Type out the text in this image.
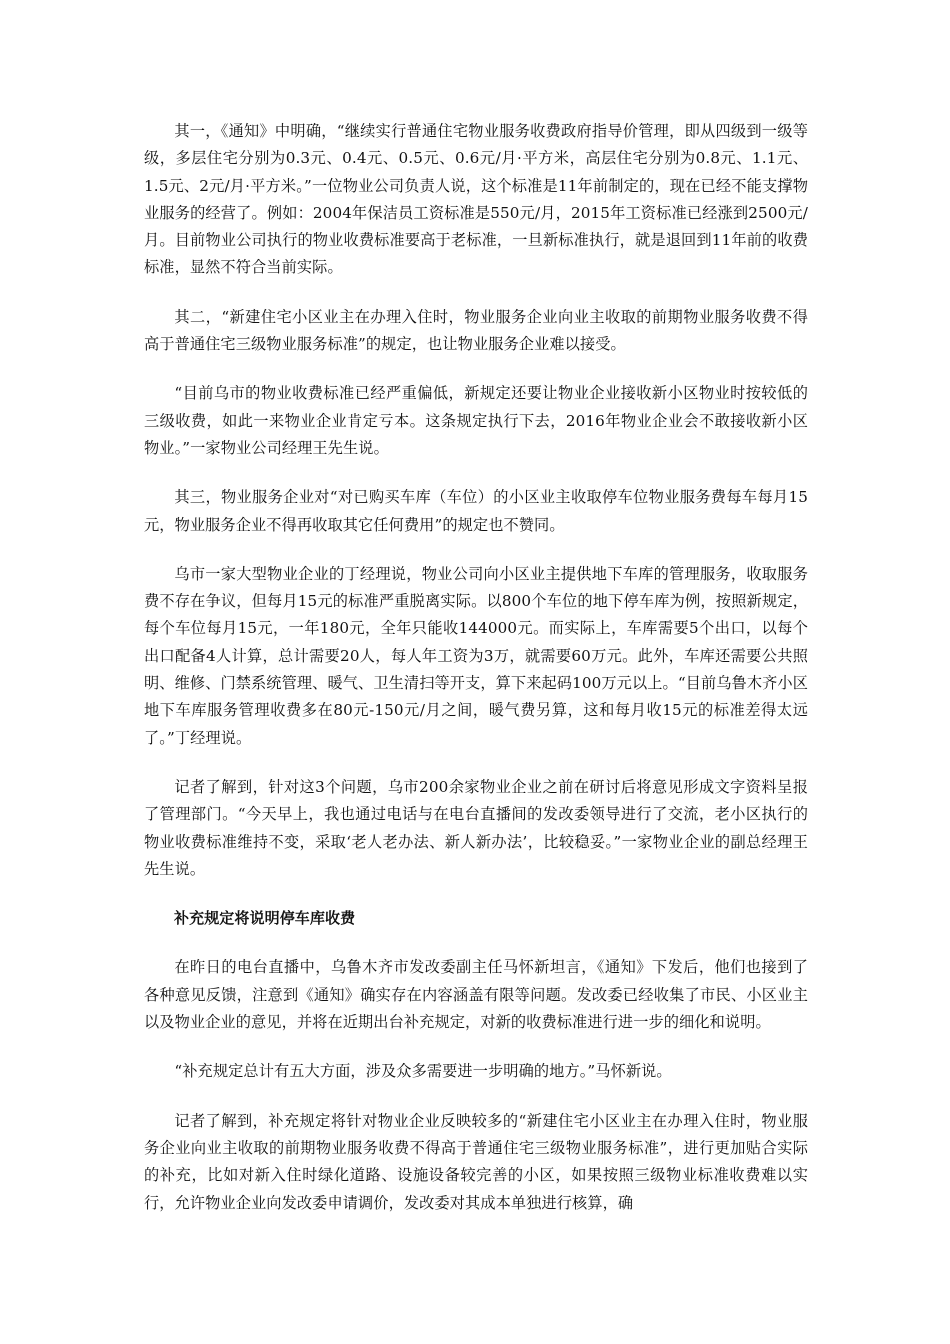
其一，《通知》中明确，“继续实行普通住宅物业服务收费政府指导价管理，即从四级到一级等级，多层住宅分别为0.3元、0.4元、0.5元、0.6元/月·平方米，高层住宅分别为0.8元、1.1元、1.5元、2元/月·平方米。”一位物业公司负责人说，这个标准是11年前制定的，现在已经不能支撑物业服务的经营了。例如：2004年保洁员工资标准是550元/月，2015年工资标准已经涨到2500元/月。目前物业公司执行的物业收费标准要高于老标准，一旦新标准执行，就是退回到11年前的收费标准，显然不符合当前实际。

其二，“新建住宅小区业主在办理入住时，物业服务企业向业主收取的前期物业服务收费不得高于普通住宅三级物业服务标准”的规定，也让物业服务企业难以接受。

“目前乌市的物业收费标准已经严重偏低，新规定还要让物业企业接收新小区物业时按较低的三级收费，如此一来物业企业肯定亏本。这条规定执行下去，2016年物业企业会不敢接收新小区物业。”一家物业公司经理王先生说。

其三，物业服务企业对“对已购买车库（车位）的小区业主收取停车位物业服务费每车每月15元，物业服务企业不得再收取其它任何费用”的规定也不赞同。

乌市一家大型物业企业的丁经理说，物业公司向小区业主提供地下车库的管理服务，收取服务费不存在争议，但每月15元的标准严重脱离实际。以800个车位的地下停车库为例，按照新规定，每个车位每月15元，一年180元，全年只能收144000元。而实际上，车库需要5个出口，以每个出口配备4人计算，总计需要20人，每人年工资为3万，就需要60万元。此外，车库还需要公共照明、维修、门禁系统管理、暖气、卫生清扫等开支，算下来起码100万元以上。“目前乌鲁木齐小区地下车库服务管理收费多在80元-150元/月之间，暖气费另算，这和每月收15元的标准差得太远了。”丁经理说。

记者了解到，针对这3个问题，乌市200余家物业企业之前在研讨后将意见形成文字资料呈报了管理部门。“今天早上，我也通过电话与在电台直播间的发改委领导进行了交流，老小区执行的物业收费标准维持不变，采取‘老人老办法、新人新办法’，比较稳妥。”一家物业企业的副总经理王先生说。

补充规定将说明停车库收费

在昨日的电台直播中，乌鲁木齐市发改委副主任马怀新坦言，《通知》下发后，他们也接到了各种意见反馈，注意到《通知》确实存在内容涵盖有限等问题。发改委已经收集了市民、小区业主以及物业企业的意见，并将在近期出台补充规定，对新的收费标准进行进一步的细化和说明。

“补充规定总计有五大方面，涉及众多需要进一步明确的地方。”马怀新说。

记者了解到，补充规定将针对物业企业反映较多的“新建住宅小区业主在办理入住时，物业服务企业向业主收取的前期物业服务收费不得高于普通住宅三级物业服务标准”，进行更加贴合实际的补充，比如对新入住时绿化道路、设施设备较完善的小区，如果按照三级物业标准收费难以实行，允许物业企业向发改委申请调价，发改委对其成本单独进行核算，确
